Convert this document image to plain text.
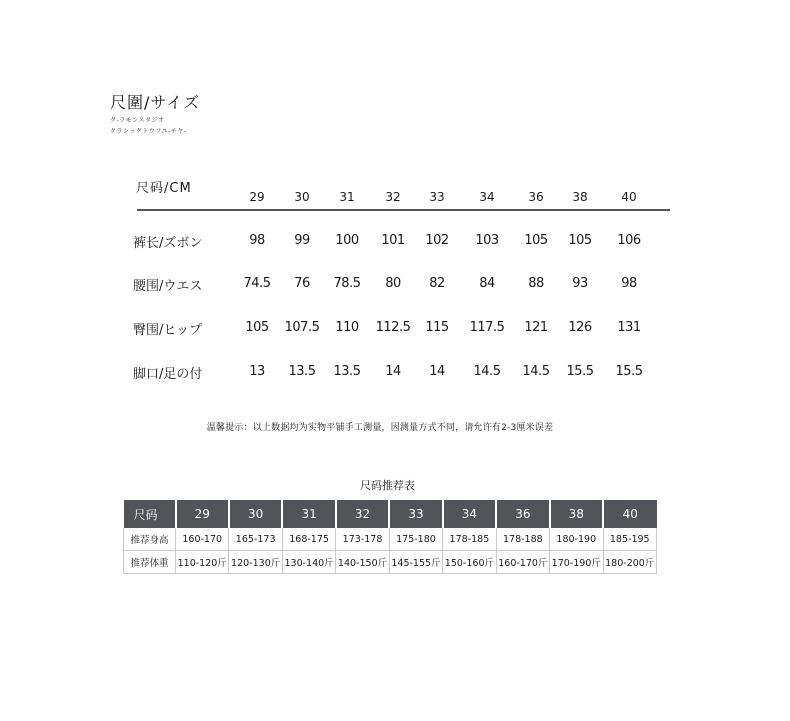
尺圍/サイズ
ク-ラモンスタジオ
クラシックトウフユ-チヤ-
尺码/CM
29	30	31	32	33	34	36	38	40
裤长/ズボン	98	99	100	101	102	103	105	105	106
腰围/ウエス	74.5	76	78.5	80	82	84	88	93	98
臀围/ヒップ	105	107.5	110	112.5	115	117.5	121	126	131
脚口/足の付	13	13.5	13.5	14	14	14.5	14.5	15.5	15.5
温馨提示：以上数据均为实物平铺手工测量，因测量方式不同，请允许有2-3厘米误差
尺码推荐表
尺码	29	30	31	32	33	34	36	38	40
推荐身高	160-170	165-173	168-175	173-178	175-180	178-185	178-188	180-190	185-195
推荐体重	110-120斤	120-130斤	130-140斤	140-150斤	145-155斤	150-160斤	160-170斤	170-190斤	180-200斤
